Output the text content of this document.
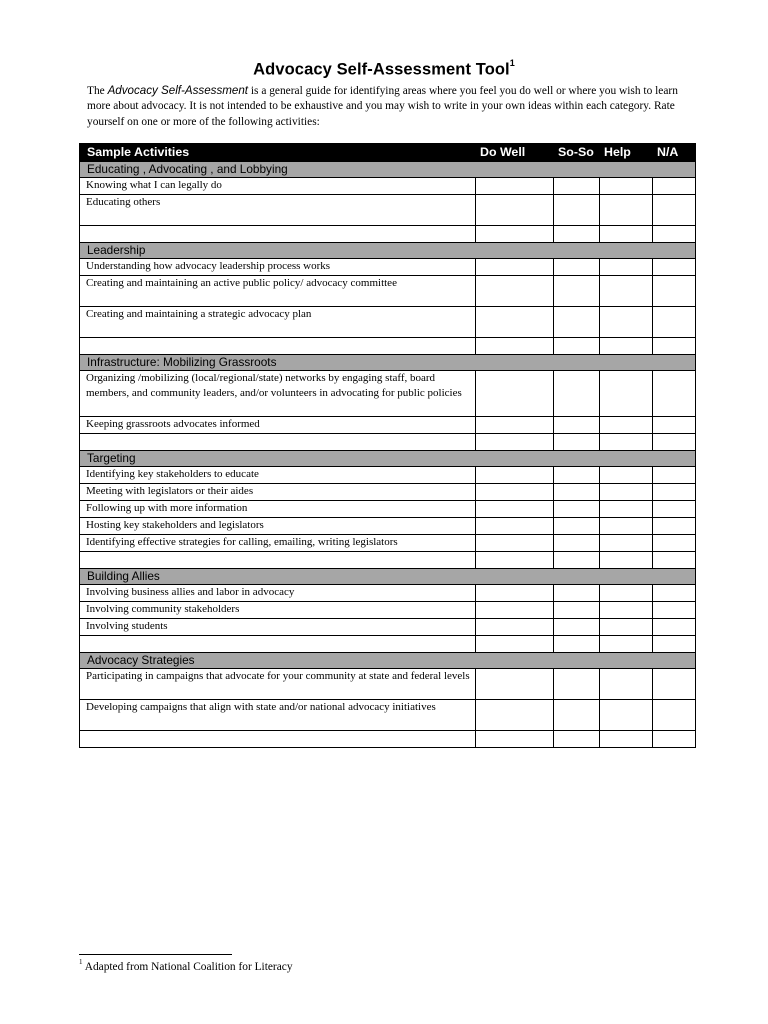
Advocacy Self-Assessment Tool$^1$
The Advocacy Self-Assessment is a general guide for identifying areas where you feel you do well or where you wish to learn more about advocacy. It is not intended to be exhaustive and you may wish to write in your own ideas within each category. Rate yourself on one or more of the following activities:
Sample Activities	Do Well	So-So	Help	N/A
Educating , Advocating , and Lobbying				
Knowing what I can legally do				
Educating others				

Leadership				
Understanding how advocacy leadership process works				
Creating and maintaining an active public policy/ advocacy committee				
Creating and maintaining a strategic advocacy plan				

Infrastructure: Mobilizing Grassroots				
Organizing /mobilizing (local/regional/state) networks by engaging staff, board members, and community leaders, and/or volunteers in advocating for public policies				
Keeping grassroots advocates informed				

Targeting				
Identifying key stakeholders to educate				
Meeting with legislators or their aides				
Following up with more information				
Hosting key stakeholders and legislators				
Identifying effective strategies for calling, emailing, writing legislators				

Building Allies				
Involving business allies and labor in advocacy				
Involving community stakeholders				
Involving students				

Advocacy Strategies				
Participating in campaigns that advocate for your community at state and federal levels				
Developing campaigns that align with state and/or national advocacy initiatives				

$^1$ Adapted from National Coalition for Literacy
